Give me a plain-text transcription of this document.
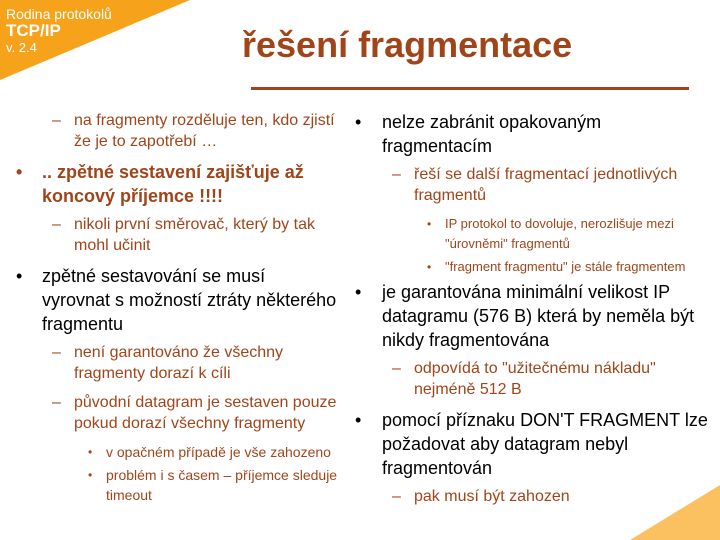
Rodina protokolů
TCP/IP
v. 2.4	řešení fragmentace
– na fragmenty rozděluje ten, kdo zjistí že je to zapotřebí …
• .. zpětné sestavení zajišťuje až koncový příjemce !!!!
– nikoli první směrovač, který by tak mohl učinit
• zpětné sestavování se musí vyrovnat s možností ztráty některého fragmentu
– není garantováno že všechny fragmenty dorazí k cíli
– původní datagram je sestaven pouze pokud dorazí všechny fragmenty
• v opačném případě je vše zahozeno
• problém i s časem – příjemce sleduje timeout
• nelze zabránit opakovaným fragmentacím
– řeší se další fragmentací jednotlivých fragmentů
• IP protokol to dovoluje, nerozlišuje mezi "úrovněmi" fragmentů
• "fragment fragmentu" je stále fragmentem
• je garantována minimální velikost IP datagramu (576 B) která by neměla být nikdy fragmentována
– odpovídá to "užitečnému nákladu" nejméně 512 B
• pomocí příznaku DON'T FRAGMENT lze požadovat aby datagram nebyl fragmentován
– pak musí být zahozen
